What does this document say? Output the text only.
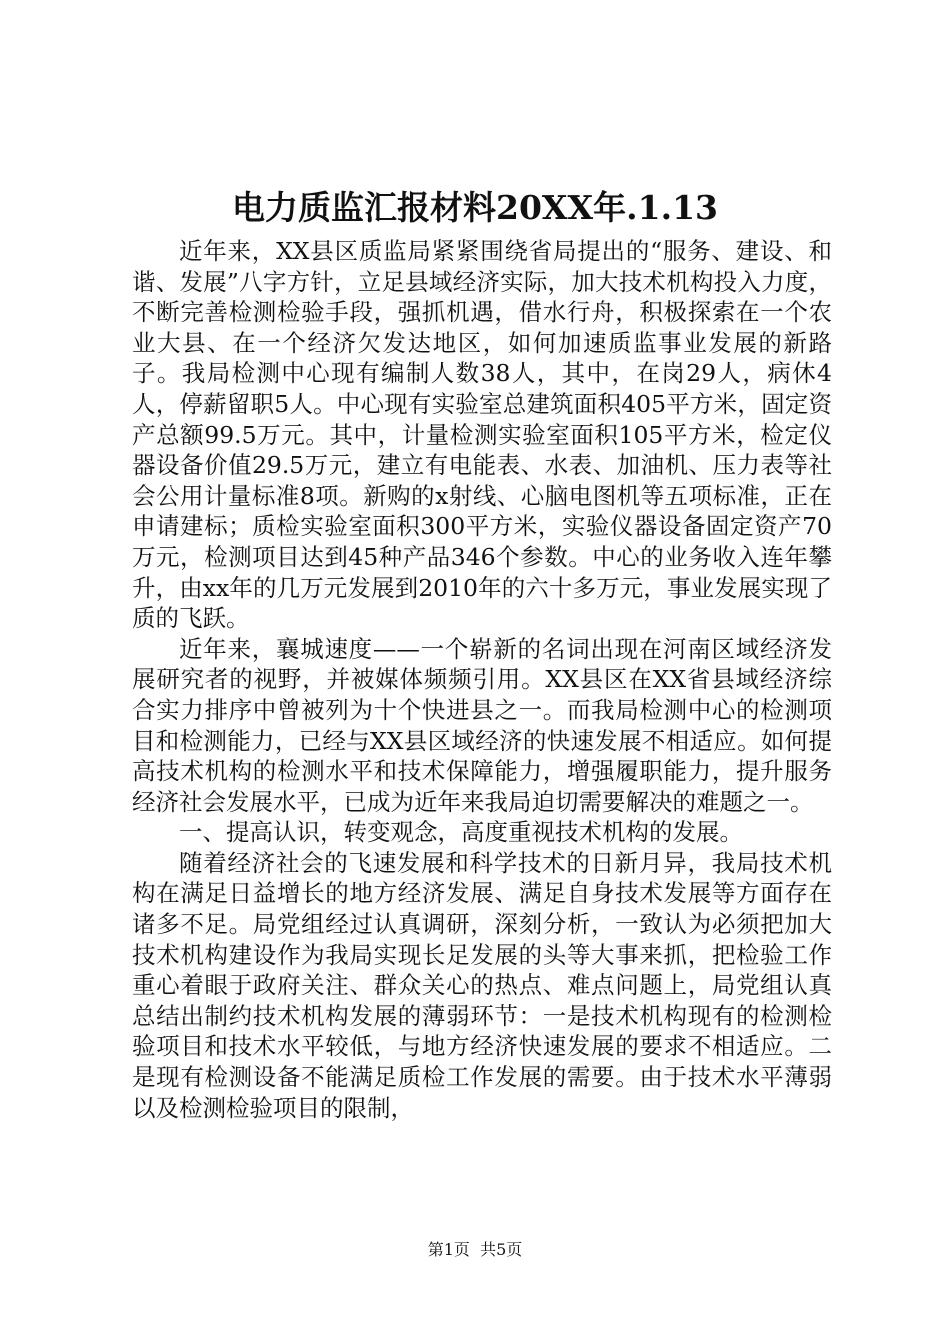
电力质监汇报材料20XX年.1.13

近年来，XX县区质监局紧紧围绕省局提出的“服务、建设、和谐、发展”八字方针，立足县域经济实际，加大技术机构投入力度，不断完善检测检验手段，强抓机遇，借水行舟，积极探索在一个农业大县、在一个经济欠发达地区，如何加速质监事业发展的新路子。我局检测中心现有编制人数38人，其中，在岗29人，病休4人，停薪留职5人。中心现有实验室总建筑面积405平方米，固定资产总额99.5万元。其中，计量检测实验室面积105平方米，检定仪器设备价值29.5万元，建立有电能表、水表、加油机、压力表等社会公用计量标准8项。新购的x射线、心脑电图机等五项标准，正在申请建标；质检实验室面积300平方米，实验仪器设备固定资产70万元，检测项目达到45种产品346个参数。中心的业务收入连年攀升，由xx年的几万元发展到2010年的六十多万元，事业发展实现了质的飞跃。

近年来，襄城速度——一个崭新的名词出现在河南区域经济发展研究者的视野，并被媒体频频引用。XX县区在XX省县域经济综合实力排序中曾被列为十个快进县之一。而我局检测中心的检测项目和检测能力，已经与XX县区域经济的快速发展不相适应。如何提高技术机构的检测水平和技术保障能力，增强履职能力，提升服务经济社会发展水平，已成为近年来我局迫切需要解决的难题之一。

一、提高认识，转变观念，高度重视技术机构的发展。

随着经济社会的飞速发展和科学技术的日新月异，我局技术机构在满足日益增长的地方经济发展、满足自身技术发展等方面存在诸多不足。局党组经过认真调研，深刻分析，一致认为必须把加大技术机构建设作为我局实现长足发展的头等大事来抓，把检验工作重心着眼于政府关注、群众关心的热点、难点问题上，局党组认真总结出制约技术机构发展的薄弱环节：一是技术机构现有的检测检验项目和技术水平较低，与地方经济快速发展的要求不相适应。二是现有检测设备不能满足质检工作发展的需要。由于技术水平薄弱以及检测检验项目的限制，

第1页 共5页
